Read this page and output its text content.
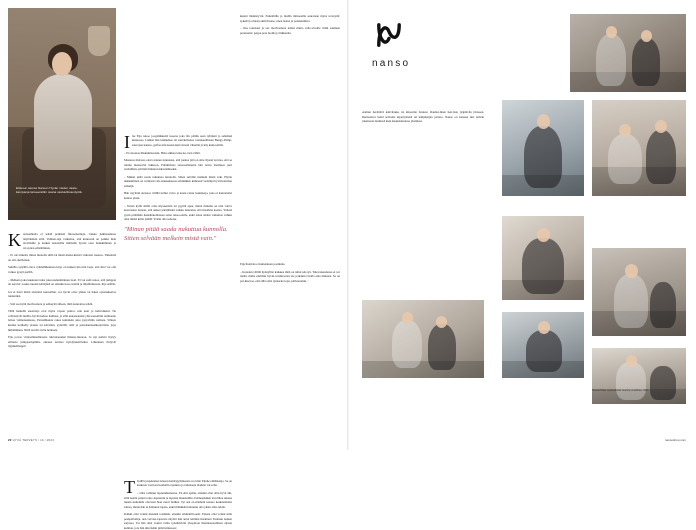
Elokuun alussa Nanson Hyvän mielen vaate-kampanja lanseerattiin osana vastuullisuustyötä.

Kantosuhteita ei tehdä pelkästä fiiroselsarheja, vaikka julkisuudessa näyttäisikin siltä. Valmen-taja vaikuttaa, että kunnossä on paikka ihan tavallisille ja kaiken kokoisille ihmisille hyvän olon hankkiminen ja ravoyden edistäminen.

– Ei ole tärkeää, miten hienolla sällä tai mistä merki-kisistä vitkoista treenaa. Tärkeintä on olla aktiivinen.

Sakrilla syrjällä oleva ryhmäliikunnan kirjo on kaiken kin niin laaja, että siitä voi olla vaikea pysyä perillä.

– Melkein joka kuukausi tulee joku uudenmininen tuoti. Ei voi esää sanoa, että jumppia tai aerobic, koska nuoten kärsijänä on oikaikiowaa eventiä ja mindfulnessia, ilija selitää.

Jos ei ärstä mistä aloittaisi kuntoillun, voi hyvin ottaa yhden tai kaksi opastuskertaa tunnuriksi.

– Sitä saa hyää motivaatiota ja selkeyttä silleen, mitä kannattaa tehdä.

Tällä hetkellä suosittaja ovat myös vapaat painot, rein kaar ja kelivaikutal. Ne vahvistyvät mellko hyvää kehon hallinsa, ja sillä ennaasanisin yhä uasaomiin animaatio lainse valmenuskussa. Perusilikunta rakee kuinntein ansa pysyvitiän samana. Silloen kuulus kotikelly jaanen tai kävellen, pyörällä, uisti ja peruskunnaalkarjoittelu, jopa hiihtäminen. Niitä tevrdit etvän herkasta.

Eija povaa virtuaalinnalmaasta tulevaisuuden liikuna-muoton. Jo nyt netistä löytyy erilaisia jumppaohjelmia omassa kotissa hyödynnettäviksi. Liikunnan liittyvät ilyjuhelmappit

Ilse Eija rekoo joogahikkeitä kosona joka ilta pitääk seen ryhtinsä ja selkänsä kunnossa. Lisäksi hän lenkkeilee tai saurakiivelee vastakaelihisen Bungy-Pump-sauvojen kanssa, golfaa niin kauan kuin mcesti viheriää ja käy kuntosalilla.

– En stressaa liikkumisestani. Halu aikhen tulee ko-vien vähtä.

Monessa malassa oleva nainen tunnustaa, että jonkas pitä on siite täysnä tavaraa, että se tuntuu meneevän tukkoon. Pahtimistaa stressaallanpita hän tariaa itsellesee puri raabaillista pävänä mileten kirkastamiseksi.

– Minun pitää saada nukutuaa kunnolla. Sitten selvään melkein mistä vain. Hyvin nukkuminen on varmasti vah-vuusueheessa eminükkis kulkassa+oelampt hyvinvointiste ediseljä.

Hän nyyttäiä oletasoa välillä turhui vaivo ja kasta-vansa isaksikoja, joka ei kannattaisi kantaa yksin.

– Voisin kyllä silllöi ottaa hiyseensiin tai pyytää apua, mutta minulla on niin valtva kostraansa ilaresti, että unkon päräjäisäni vaikka tunteaini, että maailma kaataa. Yöässä pyrin pitämään henkilökohtaisen asian takaa-alalla, enkä antaa siiden vaikuttaa vaikka olisi mitkä kriisi päällä. Yritän olla sehoisa.

"Minun pitää saada nukuttua kunnolla. Sitten selvään melkein mistä vain."

Täydllä projekteina tuleeen heitiryjymineesti on rullar Eijahe elämässaja. Se on kaikesta vaati-nut korkalin rajanista ja ratkaisuja matkan var-rella.

– Oles valinnut lapsenulkalesssa. En ehti epäile, ettenkö olisi ollut hyvä äiti, sillä naatin paljon tolpo-lapsistani ja lapsista muustuiliin. Esimeerkiken aivoliiten aikana tunsin kuitenkin olevaani hian nuori äidiksi. Tyt sen ex-mieheni kanssa keskusteluisa sainsa, mutta hän ei halunnut lapsia, enkä mitäkkän haluunut olla yksin allaa tehdä.

Kaikki olisi voinut mennnä toisinkin, ainakin ammatilli-sesti. Eijasta olisi voinut tulla pesäpalloilija, uen vervias-lapaavia näytttä hän antoi teiminä ihaalinen Turnuun nainen sarjassa. Tai hän olisi voinut valita työelkivirän yhopitoon lilkantaotsutlluon sijasta kemian, jota hän niin ikään pitää kiinnosav.

kuatni linänistyvät. Puhelmilla ja muilla mittaeeilla seurataan myös terveyttä: sykettä ja muata aktiivissusa, unen laatua ja palautumista.

– Osa ionnistas ja saa motivaatiota näistä mutta vaha-virralle rittää edelleen perusasiat: peppu pois tuolita ja liikkeelle.

Eija ihoittala ei kuitenkaan posiinale.

– Kataden välillä hyönyllist kaikkea mitä on tullut teh-tyä. Tulevaisuudessa ei voi tietää, mutta eäeltään hyvin-voimitoonta ole jotkakin tavalla aina mukana. Se on pal-kisevaa, että sillä aalta työuarka lopu, päävauomin. /

22 HYVÄ TERVEYS / 10 / 2024
nanso

Aamun herättävä kahvitauko tai kiireetön brunssi. Rauhal-linen hetr-ikta tyäpäivän jäl-keen. Rentoutava hetki sohvalle kipertymenä tai lempikirjan parissa. Nanso on kanssai niis päivän jokaisessa herkissä kuin kuuneisinoissa yksinissa.

Vastuullista suomalaista muotia vuodesta 1921.
nansoshop.com
